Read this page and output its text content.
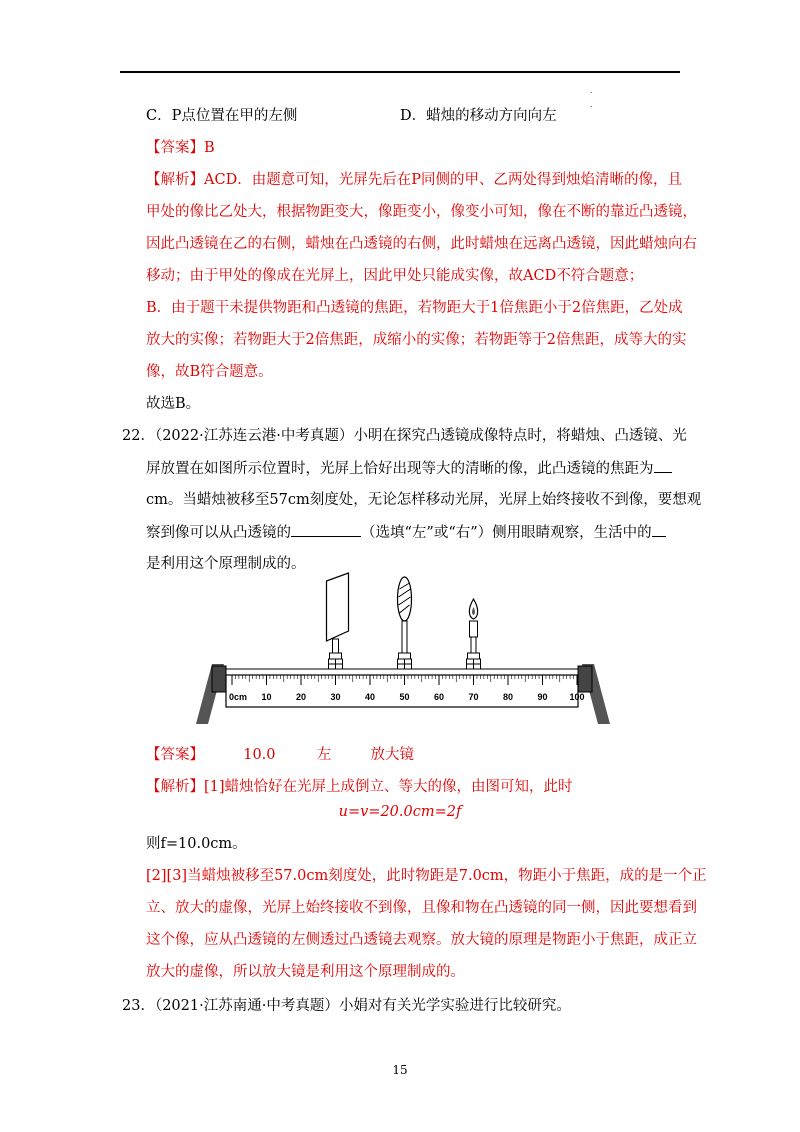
.
.
C．P点位置在甲的左侧	D．蜡烛的移动方向向左
【答案】B
【解析】ACD．由题意可知，光屏先后在P同侧的甲、乙两处得到烛焰清晰的像，且
甲处的像比乙处大，根据物距变大，像距变小，像变小可知，像在不断的靠近凸透镜，
因此凸透镜在乙的右侧，蜡烛在凸透镜的右侧，此时蜡烛在远离凸透镜，因此蜡烛向右
移动；由于甲处的像成在光屏上，因此甲处只能成实像，故ACD不符合题意；
B．由于题干未提供物距和凸透镜的焦距，若物距大于1倍焦距小于2倍焦距，乙处成
放大的实像；若物距大于2倍焦距，成缩小的实像；若物距等于2倍焦距，成等大的实
像，故B符合题意。
故选B。
22．（2022·江苏连云港·中考真题）小明在探究凸透镜成像特点时，将蜡烛、凸透镜、光
屏放置在如图所示位置时，光屏上恰好出现等大的清晰的像，此凸透镜的焦距为
cm。当蜡烛被移至57cm刻度处，无论怎样移动光屏，光屏上始终接收不到像，要想观
察到像可以从凸透镜的	（选填“左”或“右”）侧用眼睛观察，生活中的
是利用这个原理制成的。
0cm 10	20	30	40	50	60	70	80	90 100
【答案】	10.0	左	放大镜
【解析】[1]蜡烛恰好在光屏上成倒立、等大的像，由图可知，此时
u=v=20.0cm=2f
则f=10.0cm。
[2][3]当蜡烛被移至57.0cm刻度处，此时物距是7.0cm，物距小于焦距，成的是一个正
立、放大的虚像，光屏上始终接收不到像，且像和物在凸透镜的同一侧，因此要想看到
这个像，应从凸透镜的左侧透过凸透镜去观察。放大镜的原理是物距小于焦距，成正立
放大的虚像，所以放大镜是利用这个原理制成的。
23．（2021·江苏南通·中考真题）小娟对有关光学实验进行比较研究。
15
